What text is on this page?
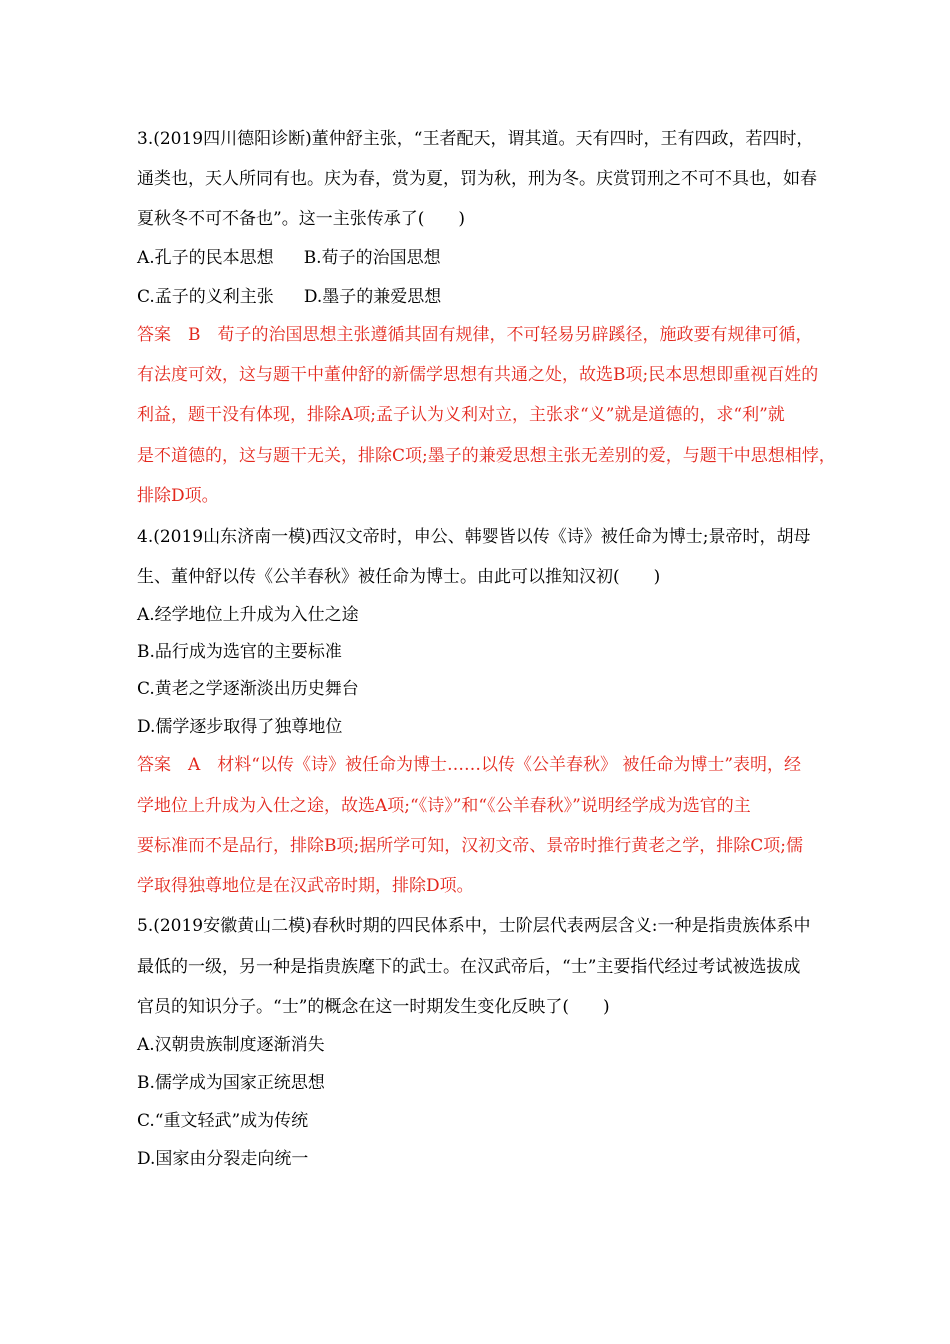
3.(2019四川德阳诊断)董仲舒主张，“王者配天，谓其道。天有四时，王有四政，若四时，
通类也，天人所同有也。庆为春，赏为夏，罚为秋，刑为冬。庆赏罚刑之不可不具也，如春
夏秋冬不可不备也”。这一主张传承了(　　)
A.孔子的民本思想 B.荀子的治国思想
C.孟子的义利主张 D.墨子的兼爱思想
答案　B　荀子的治国思想主张遵循其固有规律，不可轻易另辟蹊径，施政要有规律可循，
有法度可效，这与题干中董仲舒的新儒学思想有共通之处，故选B项;民本思想即重视百姓的
利益，题干没有体现，排除A项;孟子认为义利对立，主张求“义”就是道德的，求“利”就
是不道德的，这与题干无关，排除C项;墨子的兼爱思想主张无差别的爱，与题干中思想相悖，
排除D项。
4.(2019山东济南一模)西汉文帝时，申公、韩婴皆以传《诗》被任命为博士;景帝时，胡母
生、董仲舒以传《公羊春秋》被任命为博士。由此可以推知汉初(　　)
A.经学地位上升成为入仕之途
B.品行成为选官的主要标准
C.黄老之学逐渐淡出历史舞台
D.儒学逐步取得了独尊地位
答案　A　材料“以传《诗》被任命为博士……以传《公羊春秋》 被任命为博士”表明，经
学地位上升成为入仕之途，故选A项;“《诗》”和“《公羊春秋》”说明经学成为选官的主
要标准而不是品行，排除B项;据所学可知，汉初文帝、景帝时推行黄老之学，排除C项;儒
学取得独尊地位是在汉武帝时期，排除D项。
5.(2019安徽黄山二模)春秋时期的四民体系中，士阶层代表两层含义:一种是指贵族体系中
最低的一级，另一种是指贵族麾下的武士。在汉武帝后，“士”主要指代经过考试被选拔成
官员的知识分子。“士”的概念在这一时期发生变化反映了(　　)
A.汉朝贵族制度逐渐消失
B.儒学成为国家正统思想
C.“重文轻武”成为传统
D.国家由分裂走向统一
